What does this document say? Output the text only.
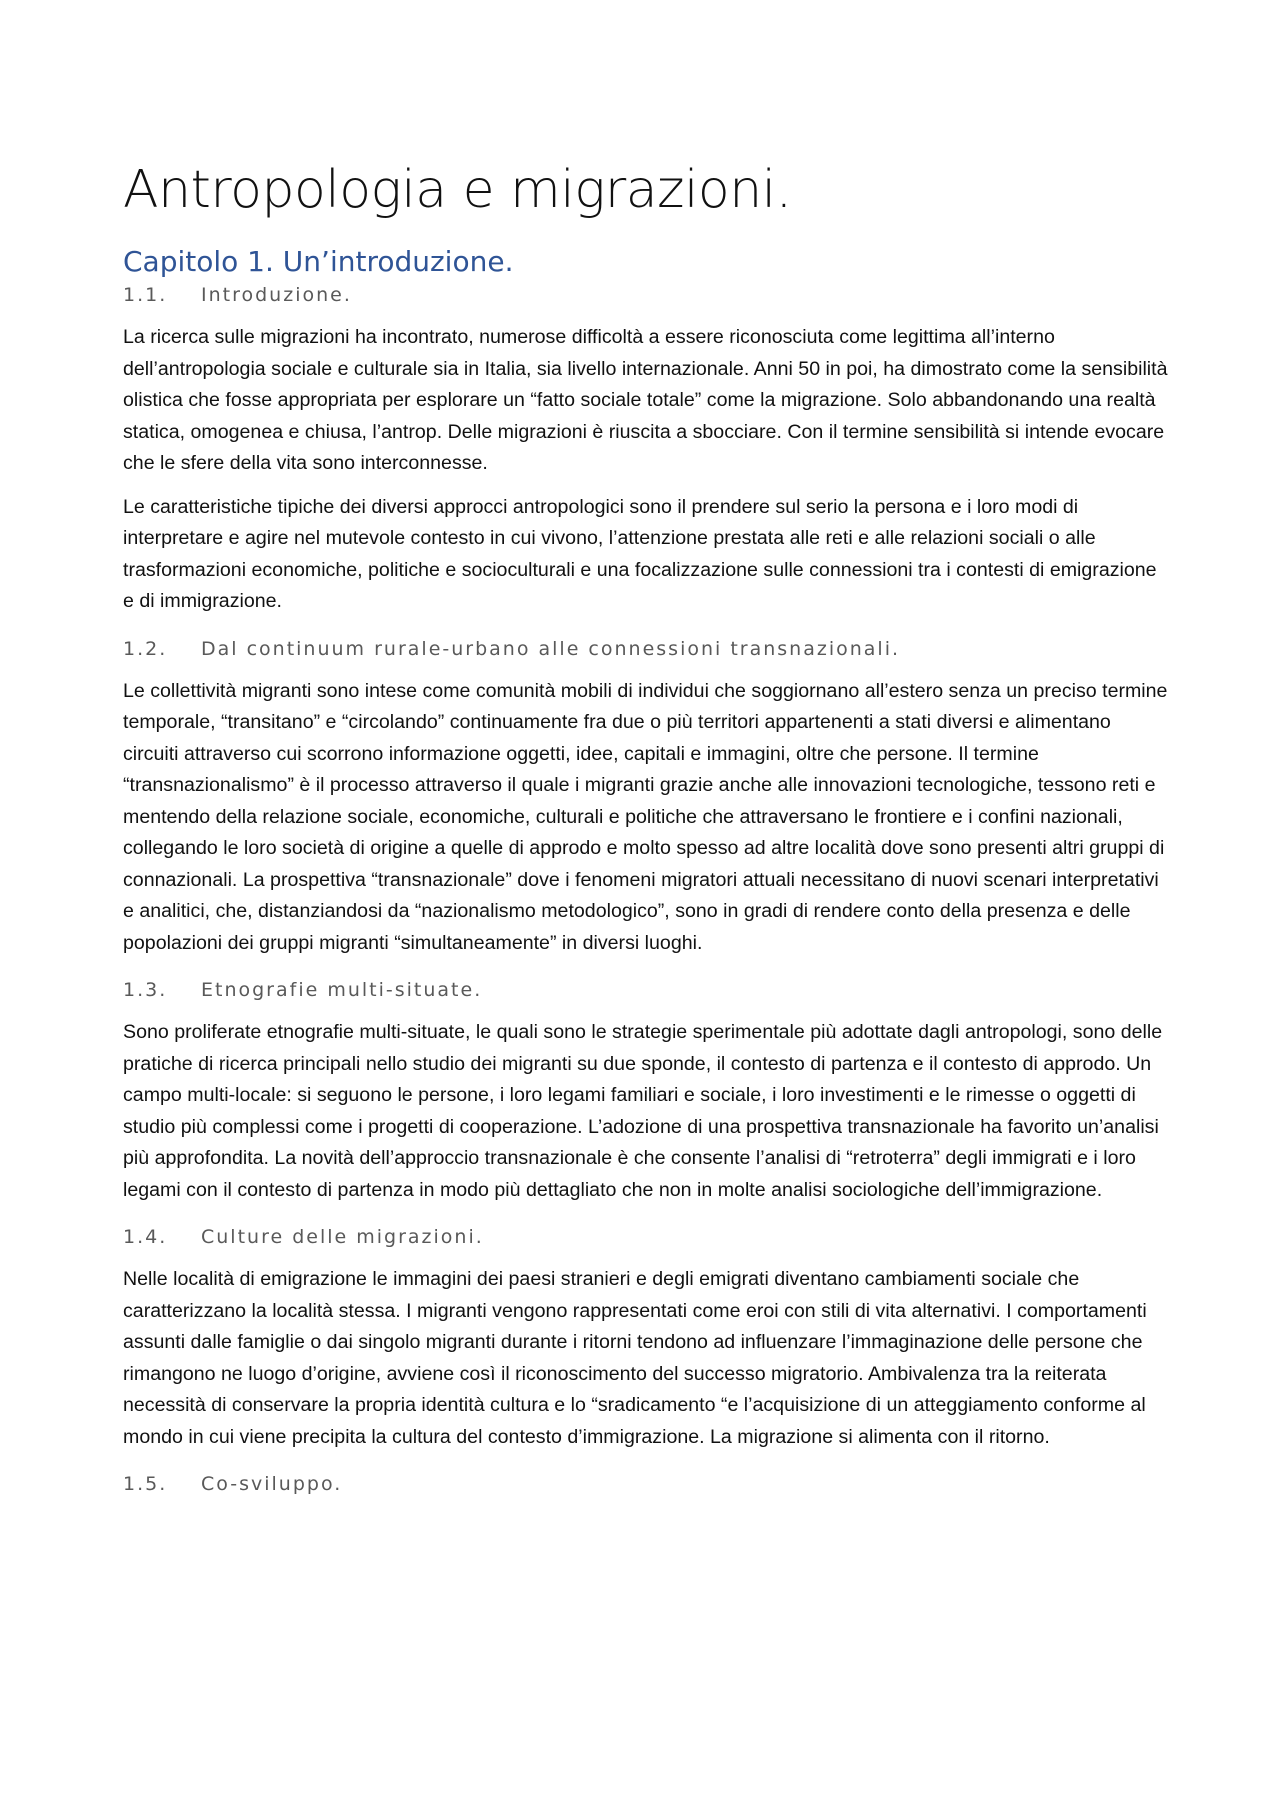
Antropologia e migrazioni.
Capitolo 1. Un’introduzione.
1.1.	Introduzione.

La ricerca sulle migrazioni ha incontrato, numerose difficoltà a essere riconosciuta come legittima all’interno dell’antropologia sociale e culturale sia in Italia, sia livello internazionale. Anni 50 in poi, ha dimostrato come la sensibilità olistica che fosse appropriata per esplorare un “fatto sociale totale” come la migrazione. Solo abbandonando una realtà statica, omogenea e chiusa, l’antrop. Delle migrazioni è riuscita a sbocciare. Con il termine sensibilità si intende evocare che le sfere della vita sono interconnesse.

Le caratteristiche tipiche dei diversi approcci antropologici sono il prendere sul serio la persona e i loro modi di interpretare e agire nel mutevole contesto in cui vivono, l’attenzione prestata alle reti e alle relazioni sociali o alle trasformazioni economiche, politiche e socioculturali e una focalizzazione sulle connessioni tra i contesti di emigrazione e di immigrazione.

1.2.	Dal continuum rurale-urbano alle connessioni transnazionali.

Le collettività migranti sono intese come comunità mobili di individui che soggiornano all’estero senza un preciso termine temporale, “transitano” e “circolando” continuamente fra due o più territori appartenenti a stati diversi e alimentano circuiti attraverso cui scorrono informazione oggetti, idee, capitali e immagini, oltre che persone. Il termine “transnazionalismo” è il processo attraverso il quale i migranti grazie anche alle innovazioni tecnologiche, tessono reti e mentendo della relazione sociale, economiche, culturali e politiche che attraversano le frontiere e i confini nazionali, collegando le loro società di origine a quelle di approdo e molto spesso ad altre località dove sono presenti altri gruppi di connazionali. La prospettiva “transnazionale” dove i fenomeni migratori attuali necessitano di nuovi scenari interpretativi e analitici, che, distanziandosi da “nazionalismo metodologico”, sono in gradi di rendere conto della presenza e delle popolazioni dei gruppi migranti “simultaneamente” in diversi luoghi.

1.3.	Etnografie multi-situate.

Sono proliferate etnografie multi-situate, le quali sono le strategie sperimentale più adottate dagli antropologi, sono delle pratiche di ricerca principali nello studio dei migranti su due sponde, il contesto di partenza e il contesto di approdo. Un campo multi-locale: si seguono le persone, i loro legami familiari e sociale, i loro investimenti e le rimesse o oggetti di studio più complessi come i progetti di cooperazione. L’adozione di una prospettiva transnazionale ha favorito un’analisi più approfondita. La novità dell’approccio transnazionale è che consente l’analisi di “retroterra” degli immigrati e i loro legami con il contesto di partenza in modo più dettagliato che non in molte analisi sociologiche dell’immigrazione.

1.4.	Culture delle migrazioni.

Nelle località di emigrazione le immagini dei paesi stranieri e degli emigrati diventano cambiamenti sociale che caratterizzano la località stessa. I migranti vengono rappresentati come eroi con stili di vita alternativi. I comportamenti assunti dalle famiglie o dai singolo migranti durante i ritorni tendono ad influenzare l’immaginazione delle persone che rimangono ne luogo d’origine, avviene così il riconoscimento del successo migratorio. Ambivalenza tra la reiterata necessità di conservare la propria identità cultura e lo “sradicamento “e l’acquisizione di un atteggiamento conforme al mondo in cui viene precipita la cultura del contesto d’immigrazione. La migrazione si alimenta con il ritorno.

1.5.	Co-sviluppo.
